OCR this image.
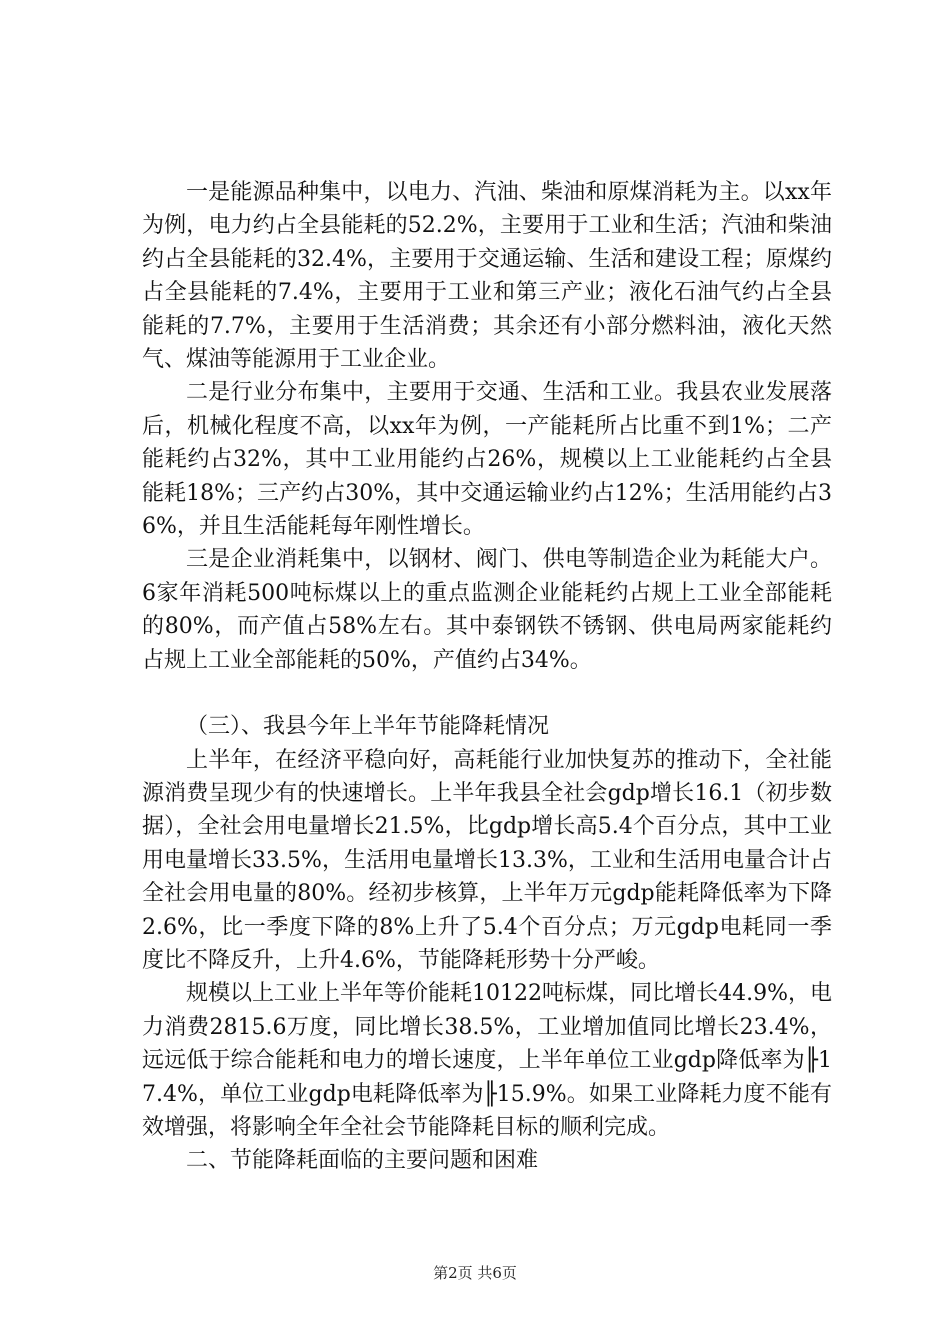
一是能源品种集中，以电力、汽油、柴油和原煤消耗为主。以xx年为例，电力约占全县能耗的52.2%，主要用于工业和生活；汽油和柴油约占全县能耗的32.4%，主要用于交通运输、生活和建设工程；原煤约占全县能耗的7.4%，主要用于工业和第三产业；液化石油气约占全县能耗的7.7%，主要用于生活消费；其余还有小部分燃料油，液化天然气、煤油等能源用于工业企业。

二是行业分布集中，主要用于交通、生活和工业。我县农业发展落后，机械化程度不高，以xx年为例，一产能耗所占比重不到1%；二产能耗约占32%，其中工业用能约占26%，规模以上工业能耗约占全县能耗18%；三产约占30%，其中交通运输业约占12%；生活用能约占36%，并且生活能耗每年刚性增长。

三是企业消耗集中，以钢材、阀门、供电等制造企业为耗能大户。6家年消耗500吨标煤以上的重点监测企业能耗约占规上工业全部能耗的80%，而产值占58%左右。其中泰钢铁不锈钢、供电局两家能耗约占规上工业全部能耗的50%，产值约占34%。

（三）、我县今年上半年节能降耗情况

上半年，在经济平稳向好，高耗能行业加快复苏的推动下，全社能源消费呈现少有的快速增长。上半年我县全社会gdp增长16.1（初步数据），全社会用电量增长21.5%，比gdp增长高5.4个百分点，其中工业用电量增长33.5%，生活用电量增长13.3%，工业和生活用电量合计占全社会用电量的80%。经初步核算，上半年万元gdp能耗降低率为下降2.6%，比一季度下降的8%上升了5.4个百分点；万元gdp电耗同一季度比不降反升，上升4.6%，节能降耗形势十分严峻。

规模以上工业上半年等价能耗10122吨标煤，同比增长44.9%，电力消费2815.6万度，同比增长38.5%，工业增加值同比增长23.4%，远远低于综合能耗和电力的增长速度，上半年单位工业gdp降低率为╟17.4%，单位工业gdp电耗降低率为╟15.9%。如果工业降耗力度不能有效增强，将影响全年全社会节能降耗目标的顺利完成。

二、节能降耗面临的主要问题和困难

第2页 共6页
